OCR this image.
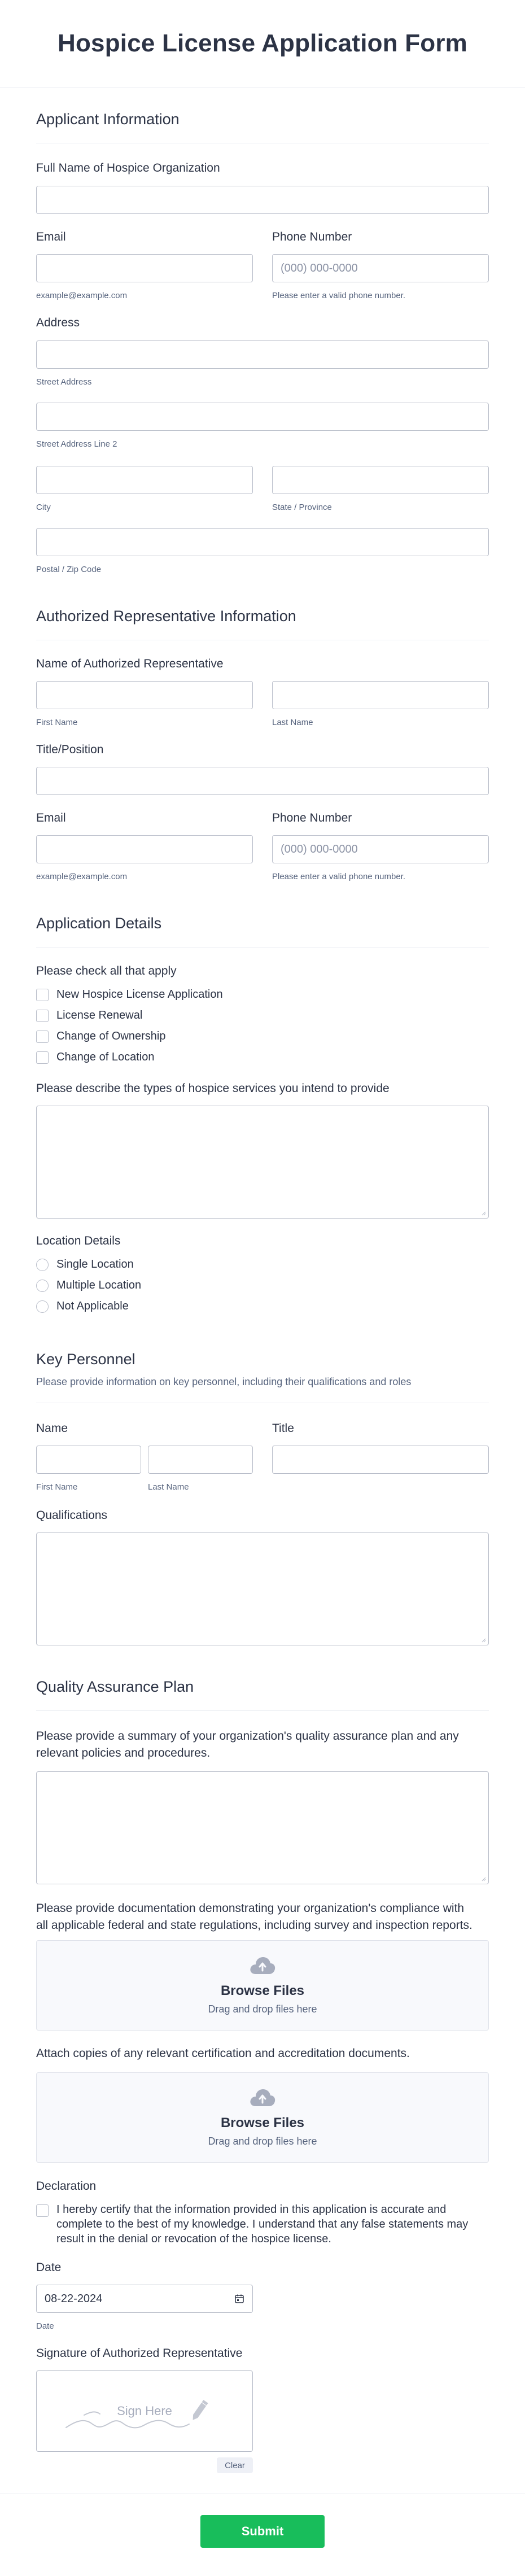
Hospice License Application Form
Applicant Information
Full Name of Hospice Organization
Email
example@example.com
Phone Number
(000) 000-0000
Please enter a valid phone number.
Address
Street Address
Street Address Line 2
City	State / Province
Postal / Zip Code
Authorized Representative Information
Name of Authorized Representative
First Name	Last Name
Title/Position
Email
example@example.com
Phone Number
(000) 000-0000
Please enter a valid phone number.
Application Details
Please check all that apply
New Hospice License Application
License Renewal
Change of Ownership
Change of Location
Please describe the types of hospice services you intend to provide
Location Details
Single Location
Multiple Location
Not Applicable
Key Personnel
Please provide information on key personnel, including their qualifications and roles
Name
First Name	Last Name
Title
Qualifications
Quality Assurance Plan
Please provide a summary of your organization's quality assurance plan and any
relevant policies and procedures.
Please provide documentation demonstrating your organization's compliance with
all applicable federal and state regulations, including survey and inspection reports.
Browse Files
Drag and drop files here
Attach copies of any relevant certification and accreditation documents.
Browse Files
Drag and drop files here
Declaration
I hereby certify that the information provided in this application is accurate and
complete to the best of my knowledge. I understand that any false statements may
result in the denial or revocation of the hospice license.
Date
08-22-2024
Date
Signature of Authorized Representative
Sign Here
Clear
Submit
